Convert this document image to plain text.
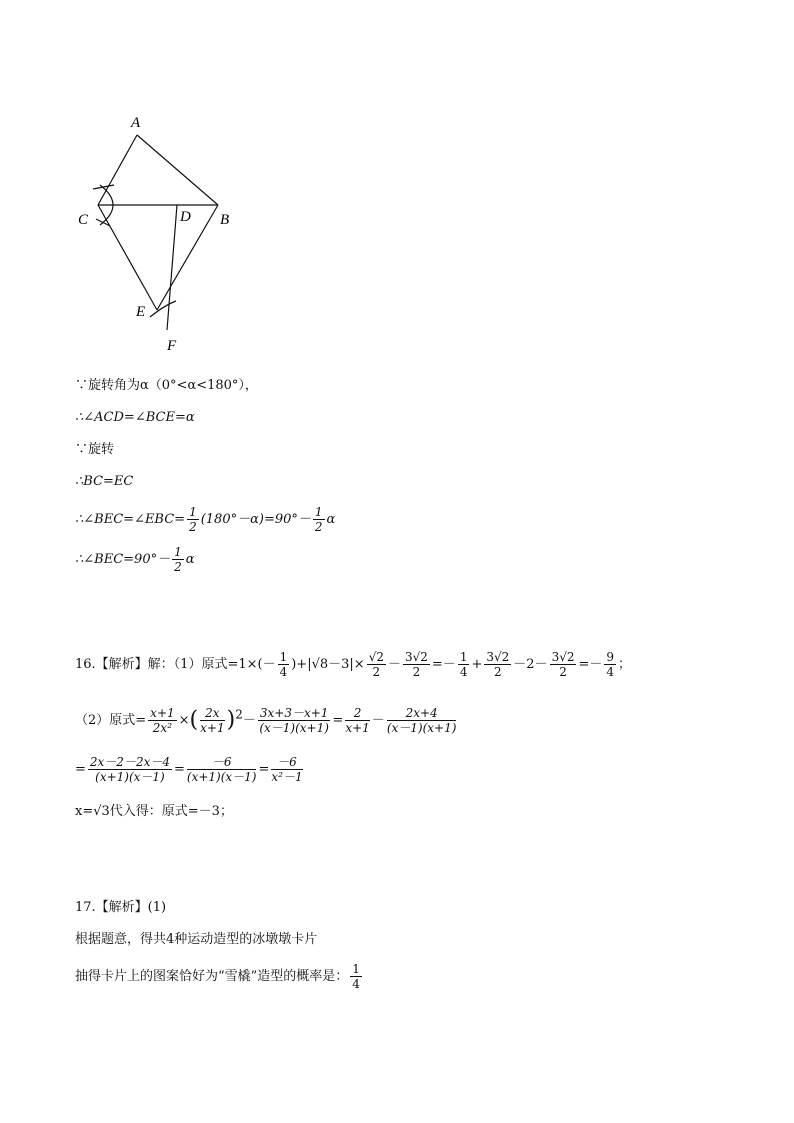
A
B
C	D
E
F
∵旋转角为α（0°<α<180°），
∴∠ACD=∠BCE=α
∵旋转
∴BC=EC
∴∠BEC=∠EBC= $\frac{1}{2} (180^\circ-\alpha)=90^\circ- \frac{1}{2}$ α
∴∠BEC=90°－ $\frac{1}{2}$ α
16.【解析】解：（1）原式$=1\times(- \frac{1}{4} )+|√8-3|\times \frac{√2}{2} - \frac{3√2}{2} =- \frac{1}{4} + \frac{3√2}{2} -2- \frac{3√2}{2} =- \frac{9}{4}$ ；
（2）原式= $\frac{x+1}{\text{2x²}}$ ×( $\frac{2x}{x+1} )^2- \frac{3x+3-x+1}{(x-1)(x+1)} = \frac{2}{x+1} - \frac{2x+4}{(x-1)(x+1)}$
= $\frac{2x-2-2x-4}{(x+1)(x-1)} = \frac{-6}{(x+1)(x-1)} = \frac{-6}{\text{x²－1}}$
x=√3代入得：原式=－3；
17.【解析】(1)
根据题意，得共4种运动造型的冰墩墩卡片
抽得卡片上的图案恰好为“雪橇”造型的概率是： $\frac{1}{4}$
